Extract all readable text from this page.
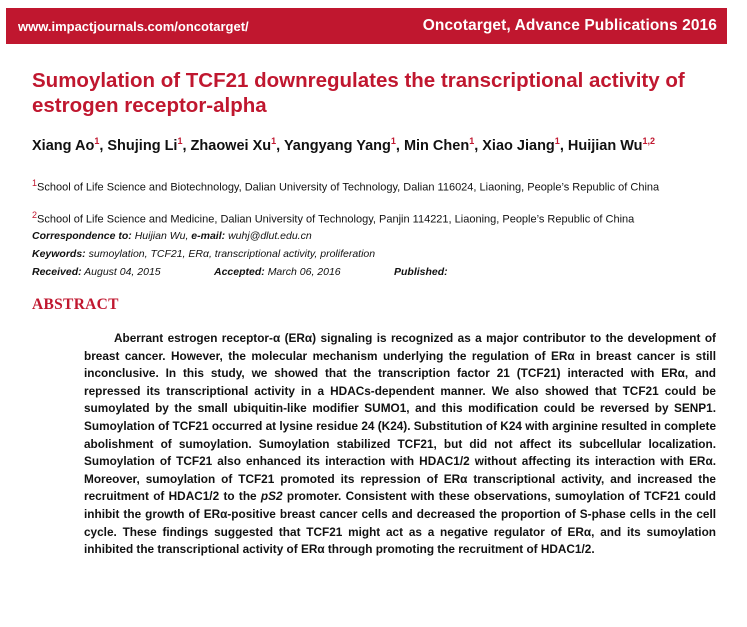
www.impactjournals.com/oncotarget/	Oncotarget, Advance Publications 2016
Sumoylation of TCF21 downregulates the transcriptional activity of estrogen receptor-alpha

Xiang Ao$^1$, Shujing Li$^1$, Zhaowei Xu$^1$, Yangyang Yang$^1$, Min Chen$^1$, Xiao Jiang$^1$, Huijian Wu$^{1,2}$

$^1$School of Life Science and Biotechnology, Dalian University of Technology, Dalian 116024, Liaoning, People’s Republic of China

$^2$School of Life Science and Medicine, Dalian University of Technology, Panjin 114221, Liaoning, People’s Republic of China

Correspondence to: Huijian Wu, e-mail: wuhj@dlut.edu.cn

Keywords: sumoylation, TCF21, ERα, transcriptional activity, proliferation

Received: August 04, 2015	Accepted: March 06, 2016	Published:
ABSTRACT

Aberrant estrogen receptor-α (ERα) signaling is recognized as a major contributor to the development of breast cancer. However, the molecular mechanism underlying the regulation of ERα in breast cancer is still inconclusive. In this study, we showed that the transcription factor 21 (TCF21) interacted with ERα, and repressed its transcriptional activity in a HDACs-dependent manner. We also showed that TCF21 could be sumoylated by the small ubiquitin-like modifier SUMO1, and this modification could be reversed by SENP1. Sumoylation of TCF21 occurred at lysine residue 24 (K24). Substitution of K24 with arginine resulted in complete abolishment of sumoylation. Sumoylation stabilized TCF21, but did not affect its subcellular localization. Sumoylation of TCF21 also enhanced its interaction with HDAC1/2 without affecting its interaction with ERα. Moreover, sumoylation of TCF21 promoted its repression of ERα transcriptional activity, and increased the recruitment of HDAC1/2 to the pS2 promoter. Consistent with these observations, sumoylation of TCF21 could inhibit the growth of ERα-positive breast cancer cells and decreased the proportion of S-phase cells in the cell cycle. These findings suggested that TCF21 might act as a negative regulator of ERα, and its sumoylation inhibited the transcriptional activity of ERα through promoting the recruitment of HDAC1/2.
